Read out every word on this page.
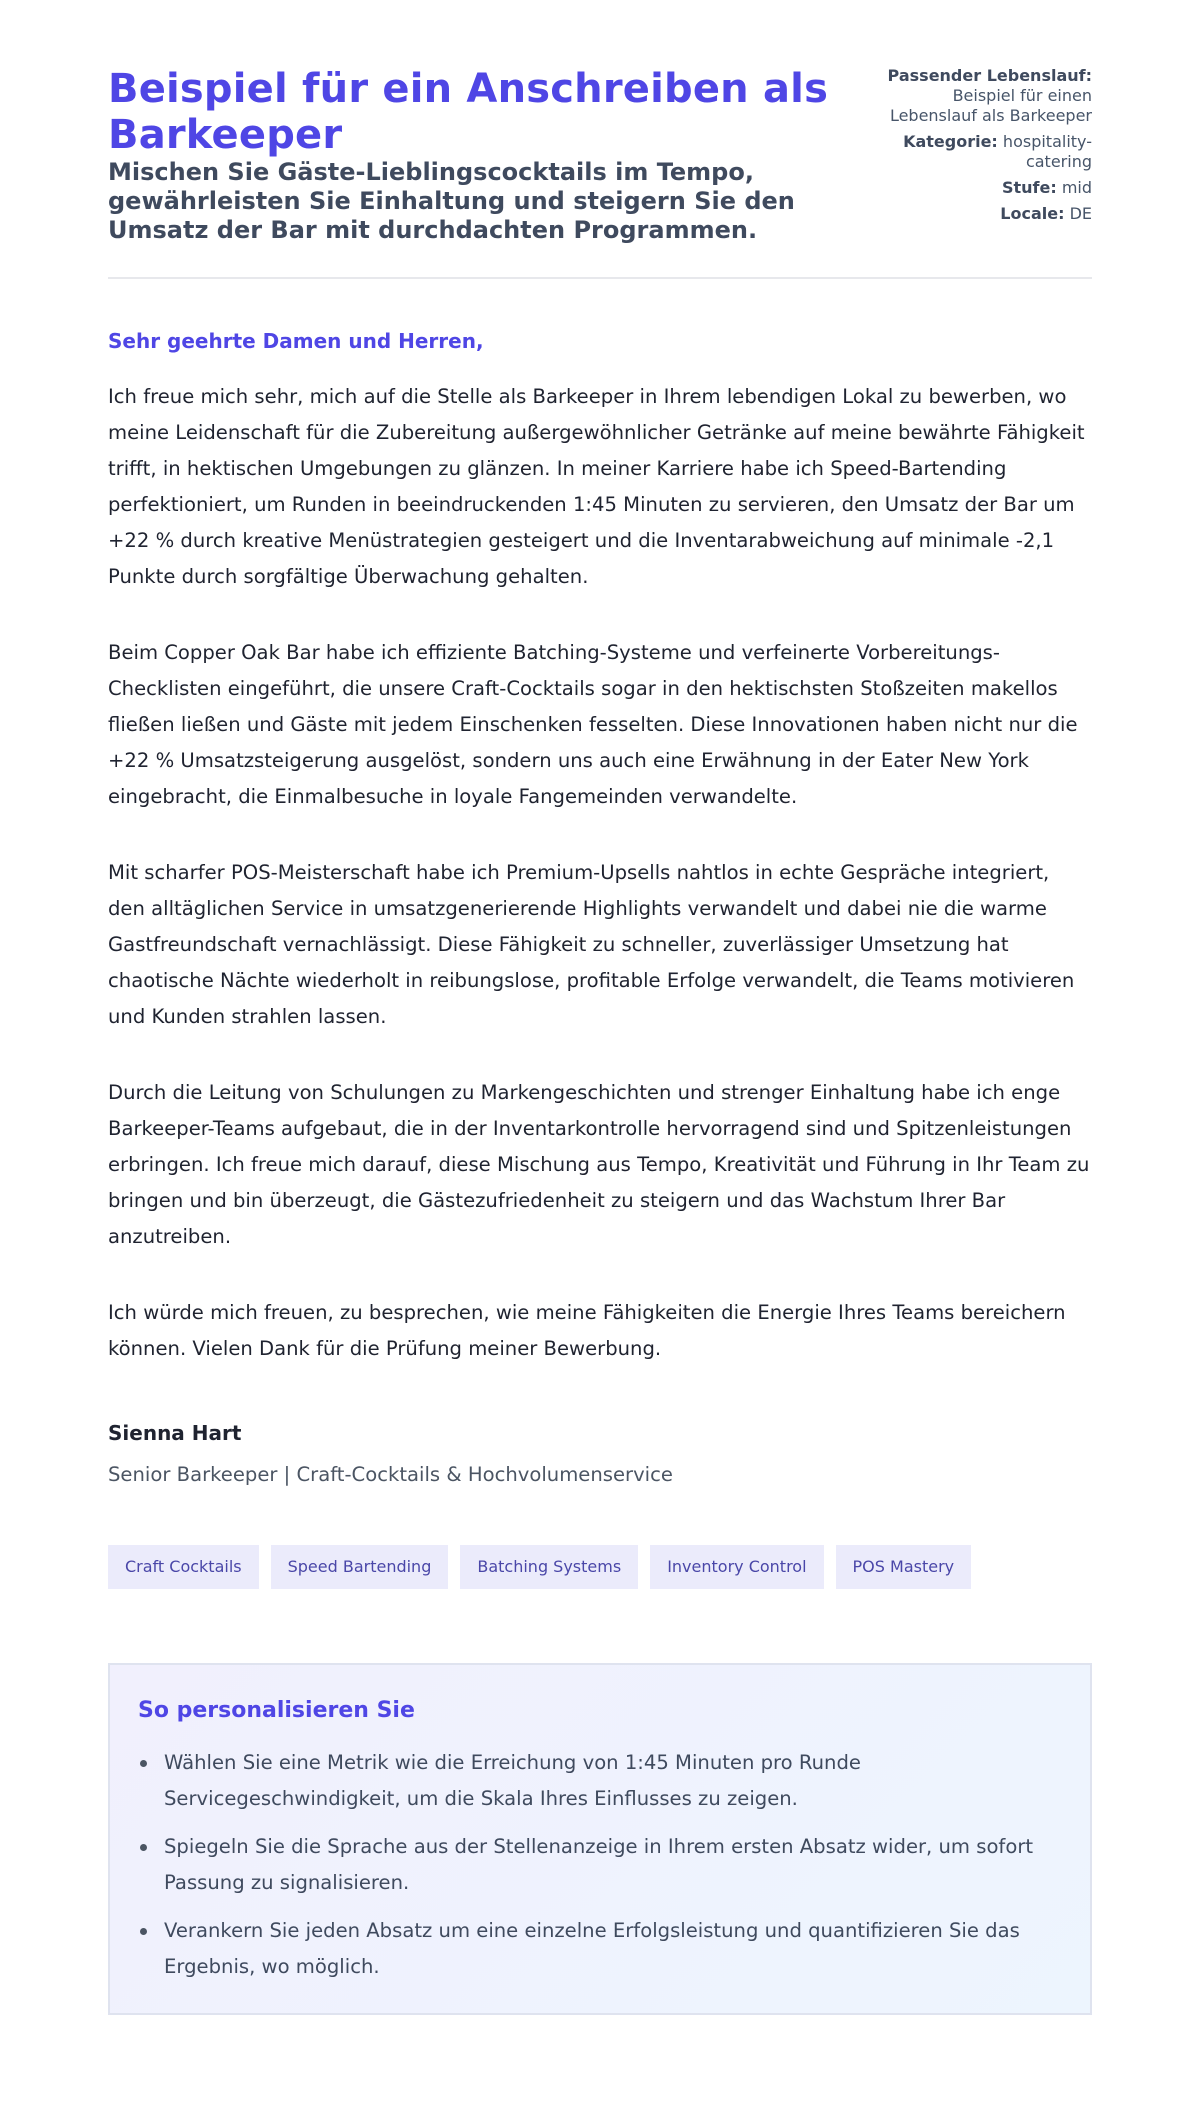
Beispiel für ein Anschreiben als Barkeeper
Mischen Sie Gäste-Lieblingscocktails im Tempo, gewährleisten Sie Einhaltung und steigern Sie den Umsatz der Bar mit durchdachten Programmen.
Passender Lebenslauf: Beispiel für einen Lebenslauf als Barkeeper
Kategorie: hospitality-catering
Stufe: mid
Locale: DE

Sehr geehrte Damen und Herren,

Ich freue mich sehr, mich auf die Stelle als Barkeeper in Ihrem lebendigen Lokal zu bewerben, wo meine Leidenschaft für die Zubereitung außergewöhnlicher Getränke auf meine bewährte Fähigkeit trifft, in hektischen Umgebungen zu glänzen. In meiner Karriere habe ich Speed-Bartending perfektioniert, um Runden in beeindruckenden 1:45 Minuten zu servieren, den Umsatz der Bar um +22 % durch kreative Menüstrategien gesteigert und die Inventarabweichung auf minimale -2,1 Punkte durch sorgfältige Überwachung gehalten.

Beim Copper Oak Bar habe ich effiziente Batching-Systeme und verfeinerte Vorbereitungs-Checklisten eingeführt, die unsere Craft-Cocktails sogar in den hektischsten Stoßzeiten makellos fließen ließen und Gäste mit jedem Einschenken fesselten. Diese Innovationen haben nicht nur die +22 % Umsatzsteigerung ausgelöst, sondern uns auch eine Erwähnung in der Eater New York eingebracht, die Einmalbesuche in loyale Fangemeinden verwandelte.

Mit scharfer POS-Meisterschaft habe ich Premium-Upsells nahtlos in echte Gespräche integriert, den alltäglichen Service in umsatzgenerierende Highlights verwandelt und dabei nie die warme Gastfreundschaft vernachlässigt. Diese Fähigkeit zu schneller, zuverlässiger Umsetzung hat chaotische Nächte wiederholt in reibungslose, profitable Erfolge verwandelt, die Teams motivieren und Kunden strahlen lassen.

Durch die Leitung von Schulungen zu Markengeschichten und strenger Einhaltung habe ich enge Barkeeper-Teams aufgebaut, die in der Inventarkontrolle hervorragend sind und Spitzenleistungen erbringen. Ich freue mich darauf, diese Mischung aus Tempo, Kreativität und Führung in Ihr Team zu bringen und bin überzeugt, die Gästezufriedenheit zu steigern und das Wachstum Ihrer Bar anzutreiben.

Ich würde mich freuen, zu besprechen, wie meine Fähigkeiten die Energie Ihres Teams bereichern können. Vielen Dank für die Prüfung meiner Bewerbung.

Sienna Hart
Senior Barkeeper | Craft-Cocktails & Hochvolumenservice
Craft Cocktails	Speed Bartending	Batching Systems	Inventory Control	POS Mastery
So personalisieren Sie
Wählen Sie eine Metrik wie die Erreichung von 1:45 Minuten pro Runde Servicegeschwindigkeit, um die Skala Ihres Einflusses zu zeigen.
Spiegeln Sie die Sprache aus der Stellenanzeige in Ihrem ersten Absatz wider, um sofort Passung zu signalisieren.
Verankern Sie jeden Absatz um eine einzelne Erfolgsleistung und quantifizieren Sie das Ergebnis, wo möglich.
